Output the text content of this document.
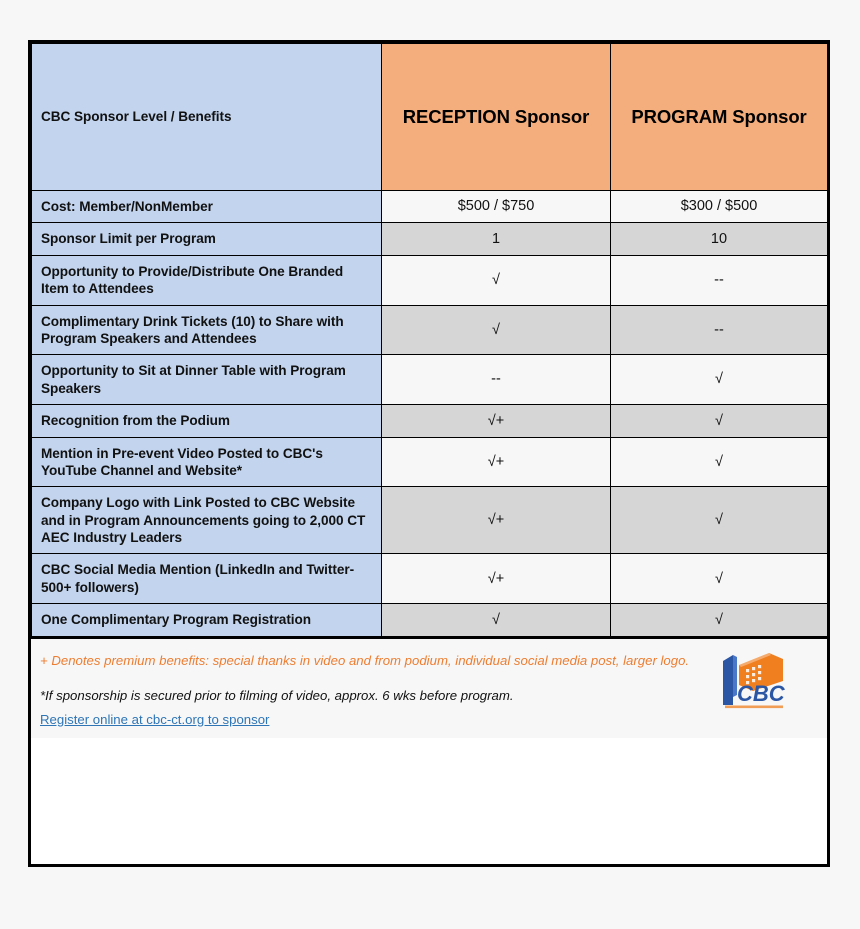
CBC Sponsor Level / Benefits	RECEPTION Sponsor	PROGRAM Sponsor

Cost: Member/NonMember	$500 / $750	$300 / $500

Sponsor Limit per Program	1	10

Opportunity to Provide/Distribute One Branded Item to Attendees	√	--

Complimentary Drink Tickets (10) to Share with Program Speakers and Attendees	√	--

Opportunity to Sit at Dinner Table with Program Speakers	--	√

Recognition from the Podium	√+	√

Mention in Pre-event Video Posted to CBC's YouTube Channel and Website*	√+	√

Company Logo with Link Posted to CBC Website and in Program Announcements going to 2,000 CT AEC Industry Leaders	√+	√

CBC Social Media Mention (LinkedIn and Twitter-500+ followers)	√+	√

One Complimentary Program Registration	√	√
+ Denotes premium benefits: special thanks in video and from podium, individual social media post, larger logo.
*If sponsorship is secured prior to filming of video, approx. 6 wks before program.
Register online at cbc-ct.org to sponsor
CBC
